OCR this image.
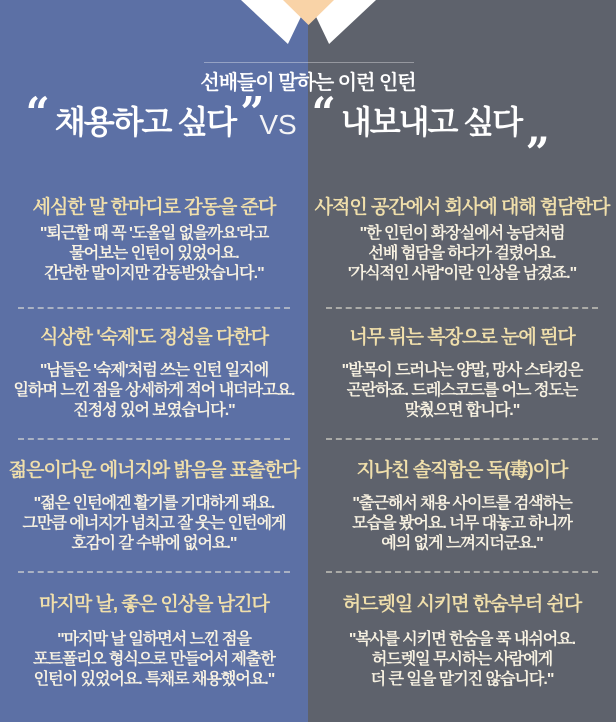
선배들이 말하는 이런 인턴
“ 채용하고 싶다 ”
VS “ 내보내고 싶다 „
세심한 말 한마디로 감동을 준다
"퇴근할 때 꼭 '도울일 없을까요'라고
물어보는 인턴이 있었어요.
간단한 말이지만 감동받았습니다."
식상한 '숙제'도 정성을 다한다
"남들은 '숙제'처럼 쓰는 인턴 일지에
일하며 느낀 점을 상세하게 적어 내더라고요.
진정성 있어 보였습니다."
젊은이다운 에너지와 밝음을 표출한다
"젊은 인턴에겐 활기를 기대하게 돼요.
그만큼 에너지가 넘치고 잘 웃는 인턴에게
호감이 갈 수밖에 없어요."
마지막 날, 좋은 인상을 남긴다
"마지막 날 일하면서 느낀 점을
포트폴리오 형식으로 만들어서 제출한
인턴이 있었어요. 특채로 채용했어요."
사적인 공간에서 회사에 대해 험담한다
"한 인턴이 화장실에서 농담처럼
선배 험담을 하다가 걸렸어요.
'가식적인 사람'이란 인상을 남겼죠."
너무 튀는 복장으로 눈에 띈다
"발목이 드러나는 양말, 망사 스타킹은
곤란하죠. 드레스코드를 어느 정도는
맞췄으면 합니다."
지나친 솔직함은 독(毒)이다
"출근해서 채용 사이트를 검색하는
모습을 봤어요. 너무 대놓고 하니까
예의 없게 느껴지더군요."
허드렛일 시키면 한숨부터 쉰다
"복사를 시키면 한숨을 푹 내쉬어요.
허드렛일 무시하는 사람에게
더 큰 일을 맡기진 않습니다."
